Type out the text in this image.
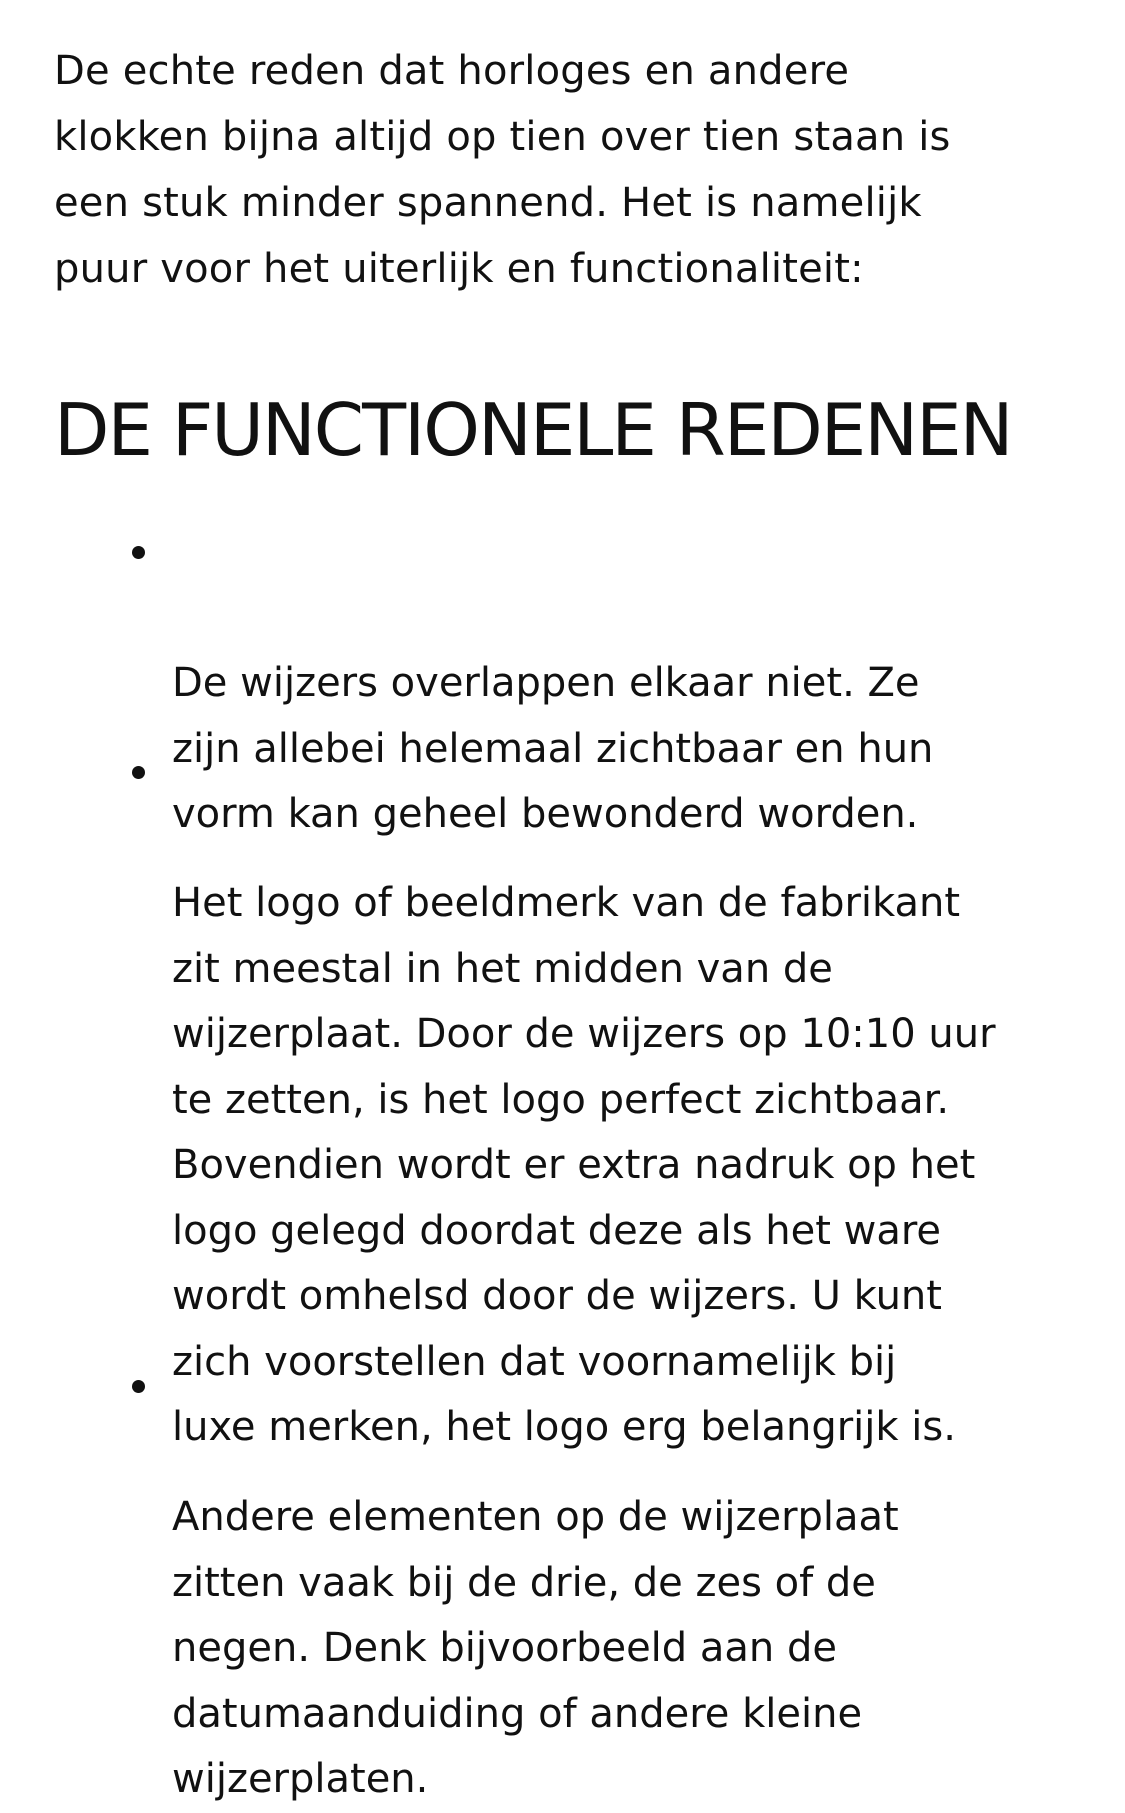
De echte reden dat horloges en andere
klokken bijna altijd op tien over tien staan is
een stuk minder spannend. Het is namelijk
puur voor het uiterlijk en functionaliteit:

DE FUNCTIONELE REDENEN

De wijzers overlappen elkaar niet. Ze
zijn allebei helemaal zichtbaar en hun
vorm kan geheel bewonderd worden.

Het logo of beeldmerk van de fabrikant
zit meestal in het midden van de
wijzerplaat. Door de wijzers op 10:10 uur
te zetten, is het logo perfect zichtbaar.
Bovendien wordt er extra nadruk op het
logo gelegd doordat deze als het ware
wordt omhelsd door de wijzers. U kunt
zich voorstellen dat voornamelijk bij
luxe merken, het logo erg belangrijk is.

Andere elementen op de wijzerplaat
zitten vaak bij de drie, de zes of de
negen. Denk bijvoorbeeld aan de
datumaanduiding of andere kleine
wijzerplaten.
